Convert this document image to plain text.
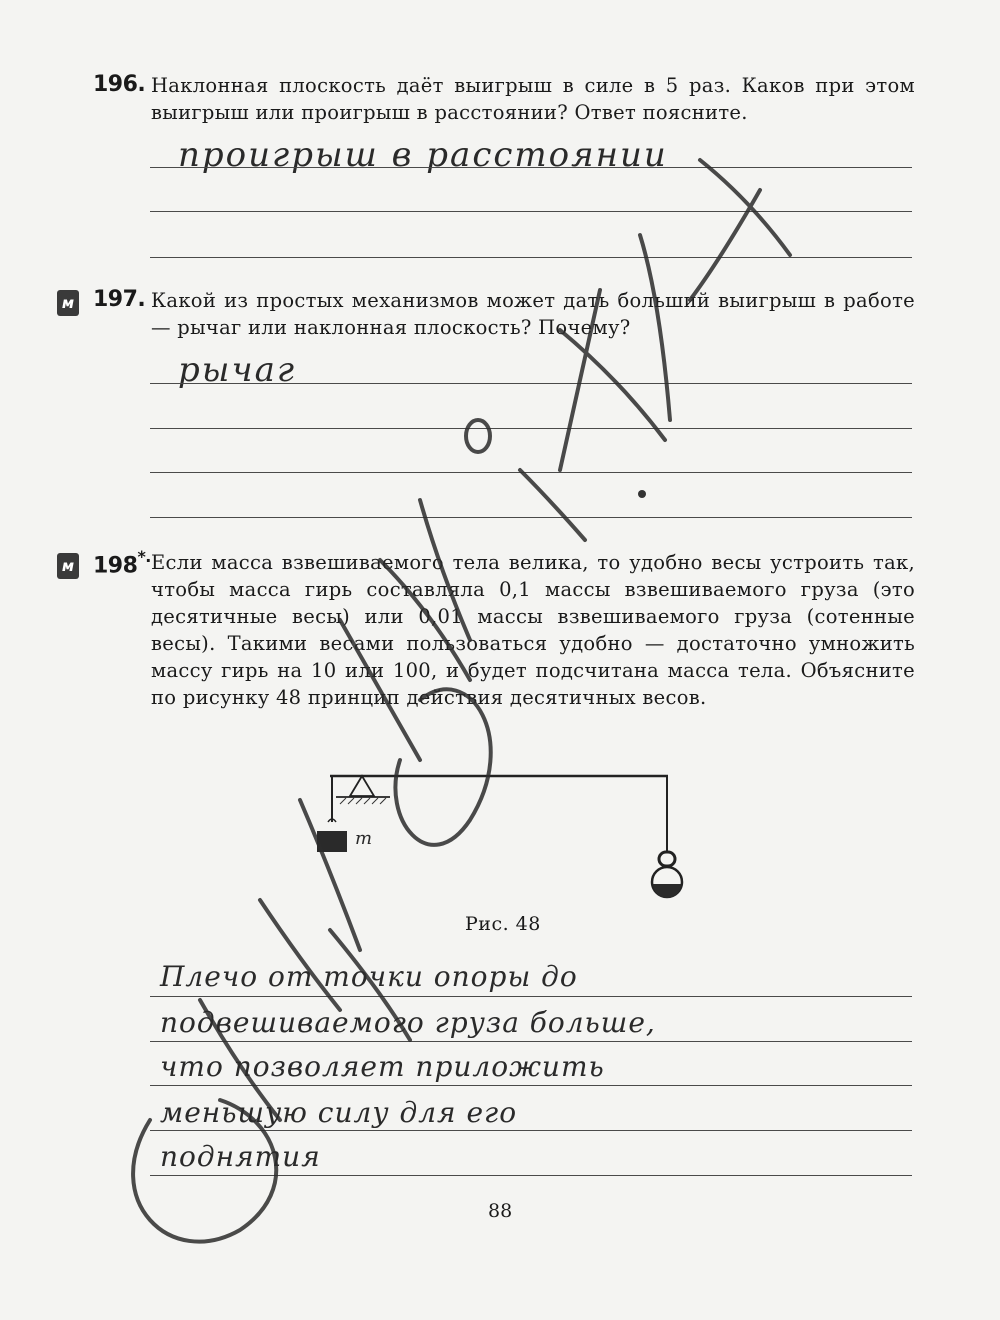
196. Наклонная плоскость даёт выигрыш в силе в 5 раз. Каков при этом выигрыш или проигрыш в расстоянии? Ответ поясните.
проигрыш в расстоянии
м 197. Какой из простых механизмов может дать больший выигрыш в работе — рычаг или наклонная плоскость? Почему?
рычаг
м 198*. Если масса взвешиваемого тела велика, то удобно весы устроить так, чтобы масса гирь составляла 0,1 массы взвешиваемого груза (это десятичные весы) или 0,01 массы взвешиваемого груза (сотенные весы). Такими весами пользоваться удобно — достаточно умножить массу гирь на 10 или 100, и будет подсчитана масса тела. Объясните по рисунку 48 принцип действия десятичных весов.
m
Рис. 48
Плечо от точки опоры до
подвешиваемого груза больше,
что позволяет приложить
меньшую силу для его
поднятия
88
